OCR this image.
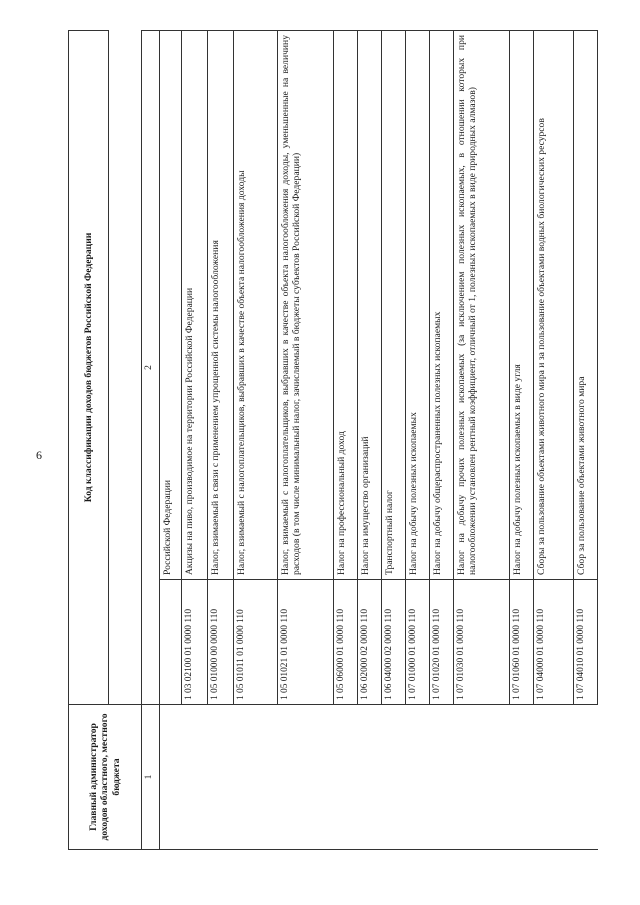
6
Главный администратор доходов областного, местного бюджета	Код классификации доходов бюджетов Российской Федерации	

1	2	
		Российской Федерации
	1 03 02100 01 0000 110	Акцизы на пиво, производимое на территории Российской Федерации
	1 05 01000 00 0000 110	Налог, взимаемый в связи с применением упрощенной системы налогообложения
	1 05 01011 01 0000 110	Налог, взимаемый с налогоплательщиков, выбравших в качестве объекта налогообложения доходы
	1 05 01021 01 0000 110	Налог, взимаемый с налогоплательщиков, выбравших в качестве объекта налогообложения доходы, уменьшенные на величину расходов (в том числе минимальный налог, зачисляемый в бюджеты субъектов Российской Федерации)
	1 05 06000 01 0000 110	Налог на профессиональный доход
	1 06 02000 02 0000 110	Налог на имущество организаций
	1 06 04000 02 0000 110	Транспортный налог
	1 07 01000 01 0000 110	Налог на добычу полезных ископаемых
	1 07 01020 01 0000 110	Налог на добычу общераспространенных полезных ископаемых
	1 07 01030 01 0000 110	Налог на добычу прочих полезных ископаемых (за исключением полезных ископаемых, в отношении которых при налогообложении установлен рентный коэффициент, отличный от 1, полезных ископаемых в виде природных алмазов)
	1 07 01060 01 0000 110	Налог на добычу полезных ископаемых в виде угля
	1 07 04000 01 0000 110	Сборы за пользование объектами животного мира и за пользование объектами водных биологических ресурсов
	1 07 04010 01 0000 110	Сбор за пользование объектами животного мира
